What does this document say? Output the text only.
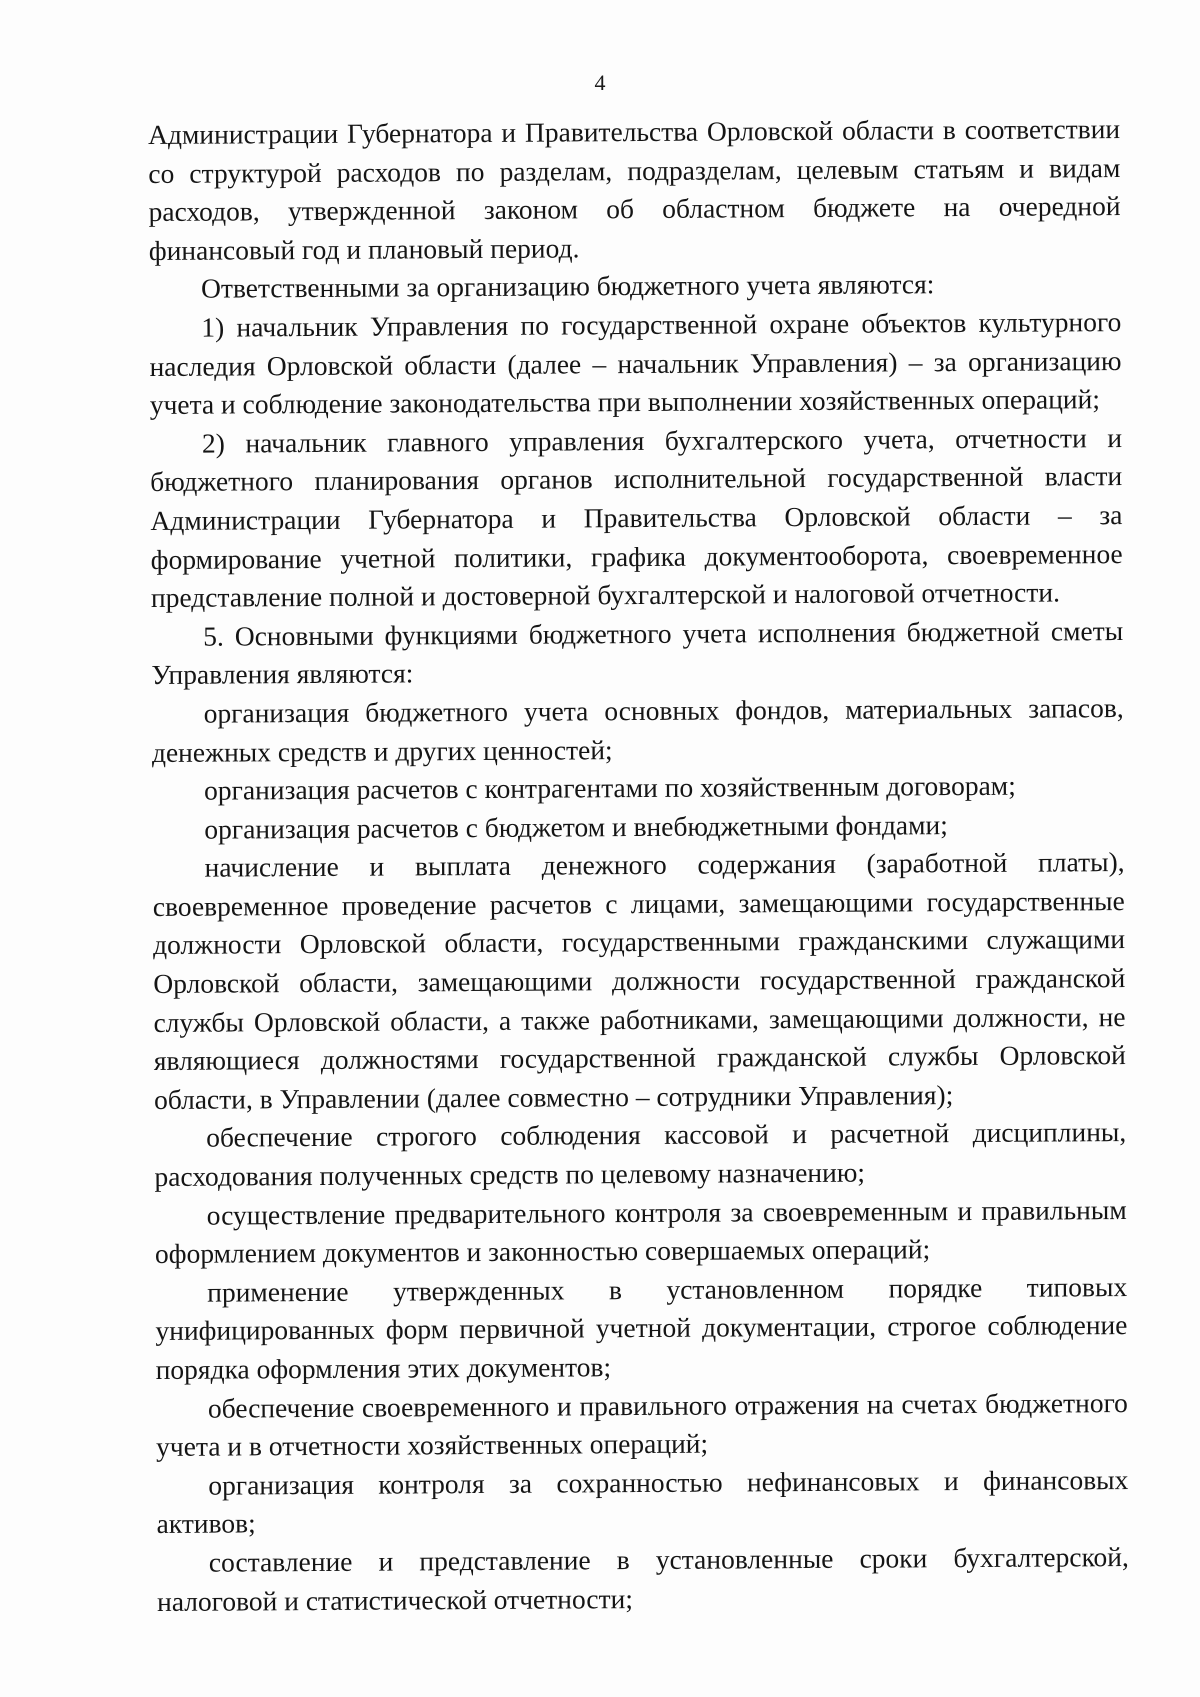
4

Администрации Губернатора и Правительства Орловской области в соответствии со структурой расходов по разделам, подразделам, целевым статьям и видам расходов, утвержденной законом об областном бюджете на очередной финансовый год и плановый период.

Ответственными за организацию бюджетного учета являются:

1) начальник Управления по государственной охране объектов культурного наследия Орловской области (далее – начальник Управления) – за организацию учета и соблюдение законодательства при выполнении хозяйственных операций;

2) начальник главного управления бухгалтерского учета, отчетности и бюджетного планирования органов исполнительной государственной власти Администрации Губернатора и Правительства Орловской области – за формирование учетной политики, графика документооборота, своевременное представление полной и достоверной бухгалтерской и налоговой отчетности.

5. Основными функциями бюджетного учета исполнения бюджетной сметы Управления являются:

организация бюджетного учета основных фондов, материальных запасов, денежных средств и других ценностей;

организация расчетов с контрагентами по хозяйственным договорам;

организация расчетов с бюджетом и внебюджетными фондами;

начисление и выплата денежного содержания (заработной платы), своевременное проведение расчетов с лицами, замещающими государственные должности Орловской области, государственными гражданскими служащими Орловской области, замещающими должности государственной гражданской службы Орловской области, а также работниками, замещающими должности, не являющиеся должностями государственной гражданской службы Орловской области, в Управлении (далее совместно – сотрудники Управления);

обеспечение строгого соблюдения кассовой и расчетной дисциплины, расходования полученных средств по целевому назначению;

осуществление предварительного контроля за своевременным и правильным оформлением документов и законностью совершаемых операций;

применение утвержденных в установленном порядке типовых унифицированных форм первичной учетной документации, строгое соблюдение порядка оформления этих документов;

обеспечение своевременного и правильного отражения на счетах бюджетного учета и в отчетности хозяйственных операций;

организация контроля за сохранностью нефинансовых и финансовых активов;

составление и представление в установленные сроки бухгалтерской, налоговой и статистической отчетности;
